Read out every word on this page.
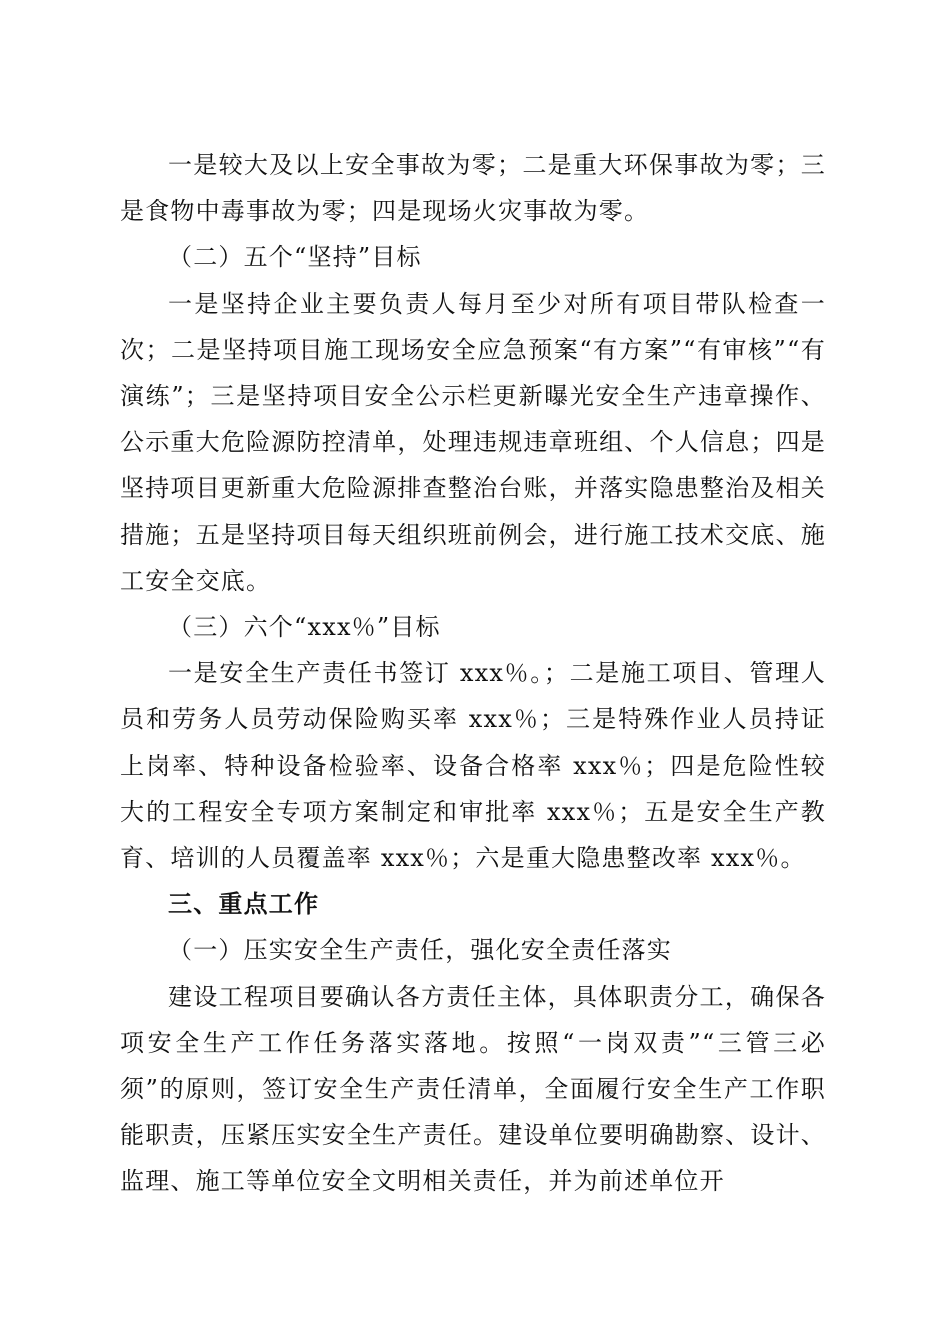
一是较大及以上安全事故为零；二是重大环保事故为零；三是食物中毒事故为零；四是现场火灾事故为零。

（二）五个“坚持”目标

一是坚持企业主要负责人每月至少对所有项目带队检查一次；二是坚持项目施工现场安全应急预案“有方案”“有审核”“有演练”；三是坚持项目安全公示栏更新曝光安全生产违章操作、公示重大危险源防控清单，处理违规违章班组、个人信息；四是坚持项目更新重大危险源排查整治台账，并落实隐患整治及相关措施；五是坚持项目每天组织班前例会，进行施工技术交底、施工安全交底。

（三）六个“xxx％”目标

一是安全生产责任书签订 xxx％。；二是施工项目、管理人员和劳务人员劳动保险购买率 xxx％；三是特殊作业人员持证上岗率、特种设备检验率、设备合格率 xxx％；四是危险性较大的工程安全专项方案制定和审批率 xxx％；五是安全生产教育、培训的人员覆盖率 xxx％；六是重大隐患整改率 xxx％。

三、重点工作

（一）压实安全生产责任，强化安全责任落实

建设工程项目要确认各方责任主体，具体职责分工，确保各项安全生产工作任务落实落地。按照“一岗双责”“三管三必须”的原则，签订安全生产责任清单，全面履行安全生产工作职能职责，压紧压实安全生产责任。建设单位要明确勘察、设计、监理、施工等单位安全文明相关责任，并为前述单位开
